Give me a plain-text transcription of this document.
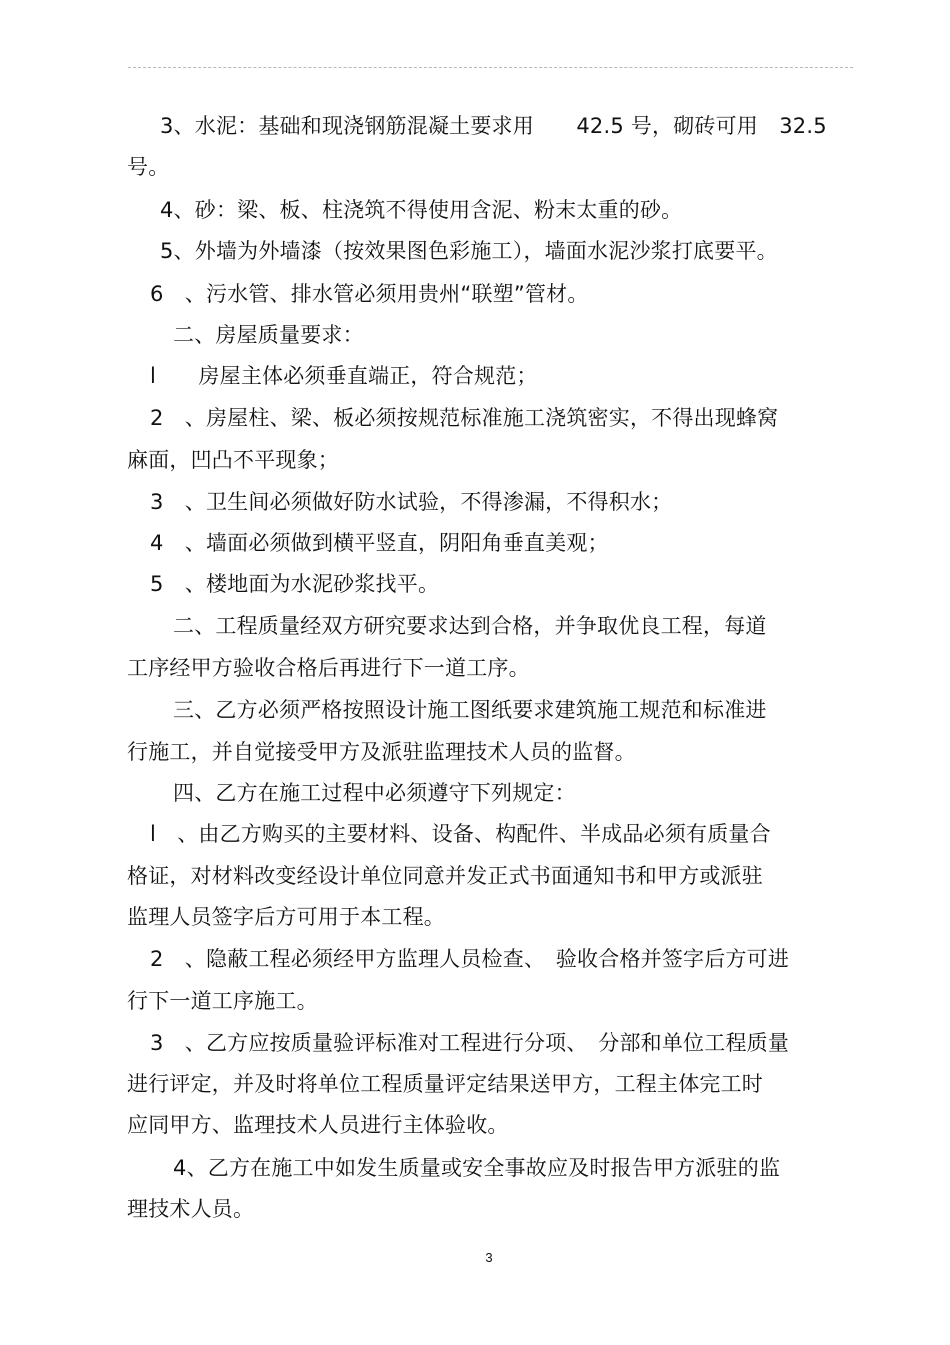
3、水泥：基础和现浇钢筋混凝土要求用　　42.5 号，砌砖可用　32.5
号。
4、砂：梁、板、柱浇筑不得使用含泥、粉末太重的砂。
5、外墙为外墙漆（按效果图色彩施工），墙面水泥沙浆打底要平。
6　、污水管、排水管必须用贵州“联塑”管材。
二、房屋质量要求：
l　　房屋主体必须垂直端正，符合规范；
2　、房屋柱、梁、板必须按规范标准施工浇筑密实，不得出现蜂窝
麻面，凹凸不平现象；
3　、卫生间必须做好防水试验，不得渗漏，不得积水；
4　、墙面必须做到横平竖直，阴阳角垂直美观；
5　、楼地面为水泥砂浆找平。
二、工程质量经双方研究要求达到合格，并争取优良工程，每道
工序经甲方验收合格后再进行下一道工序。
三、乙方必须严格按照设计施工图纸要求建筑施工规范和标准进
行施工，并自觉接受甲方及派驻监理技术人员的监督。
四、乙方在施工过程中必须遵守下列规定：
l　、由乙方购买的主要材料、设备、构配件、半成品必须有质量合
格证，对材料改变经设计单位同意并发正式书面通知书和甲方或派驻
监理人员签字后方可用于本工程。
2　、隐蔽工程必须经甲方监理人员检查、　验收合格并签字后方可进
行下一道工序施工。
3　、乙方应按质量验评标准对工程进行分项、　分部和单位工程质量
进行评定，并及时将单位工程质量评定结果送甲方，工程主体完工时
应同甲方、监理技术人员进行主体验收。
4、乙方在施工中如发生质量或安全事故应及时报告甲方派驻的监
理技术人员。
3
